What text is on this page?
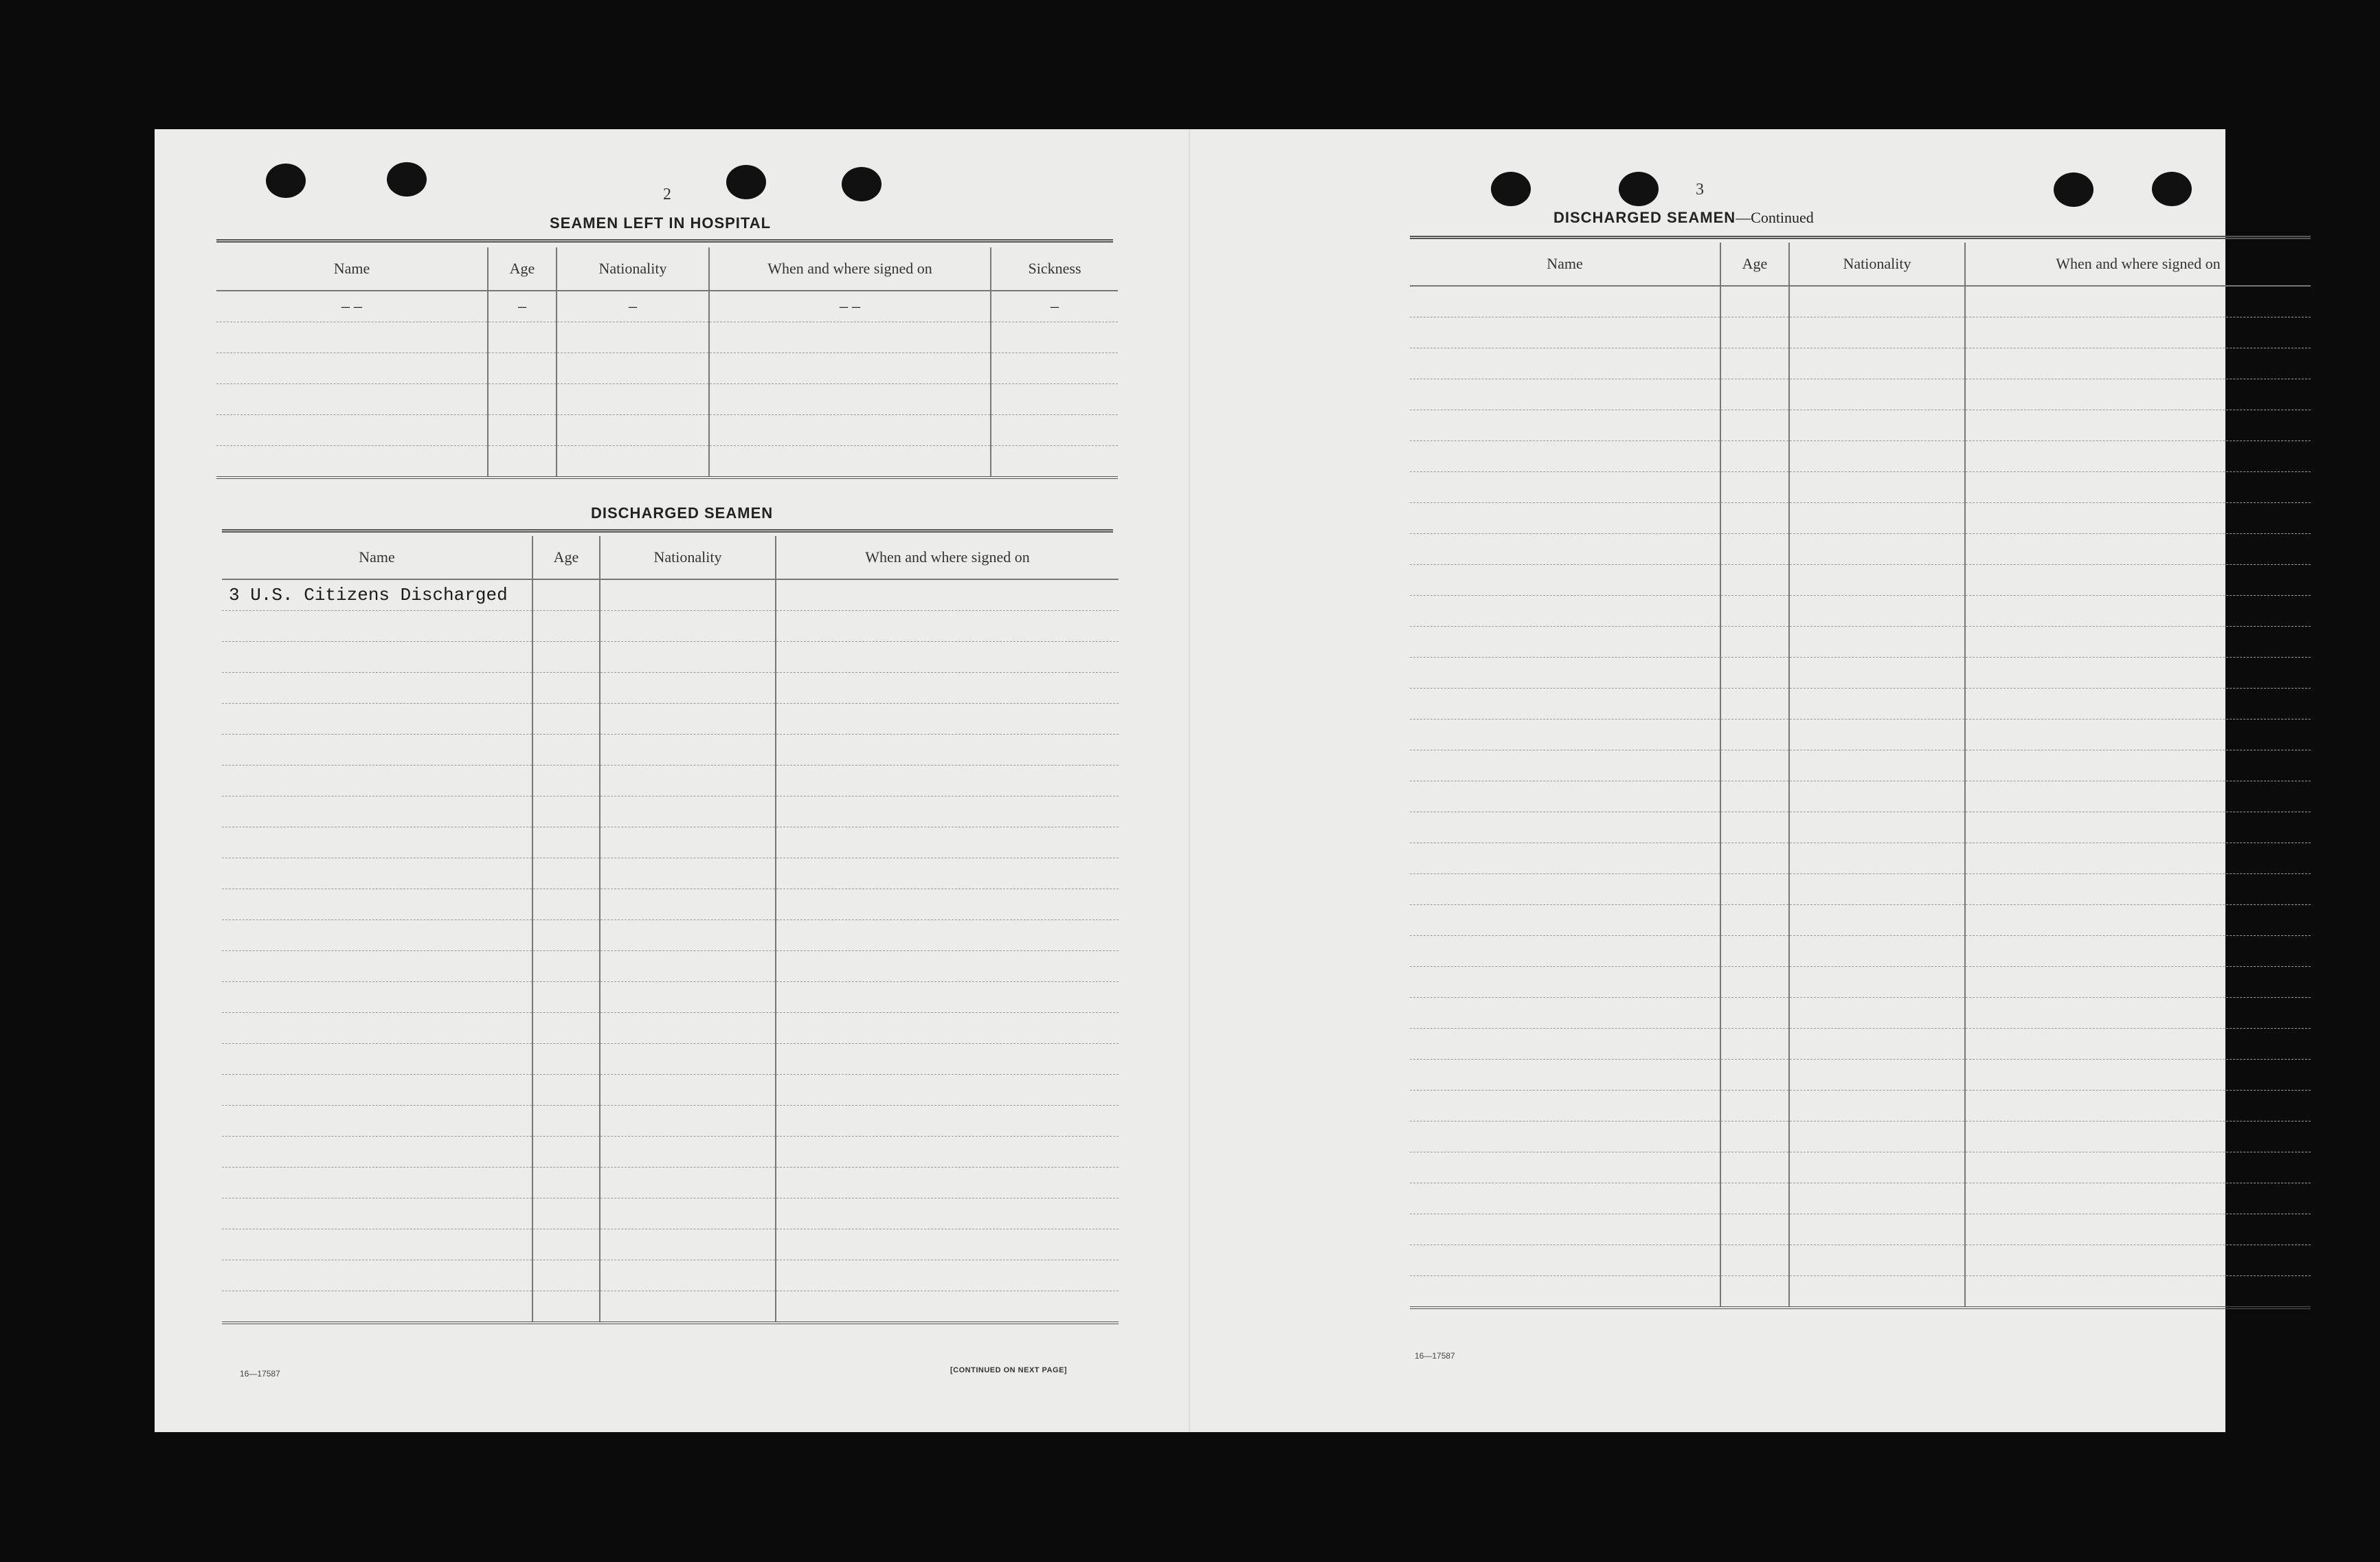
2
SEAMEN LEFT IN HOSPITAL
Name	Age	Nationality	When and where signed on	Sickness
– –	–	–	– –	–

DISCHARGED SEAMEN
Name	Age	Nationality	When and where signed on
3 U.S. Citizens Discharged			

16—17587	[CONTINUED ON NEXT PAGE]
3
DISCHARGED SEAMEN—Continued
Name	Age	Nationality	When and where signed on

16—17587
